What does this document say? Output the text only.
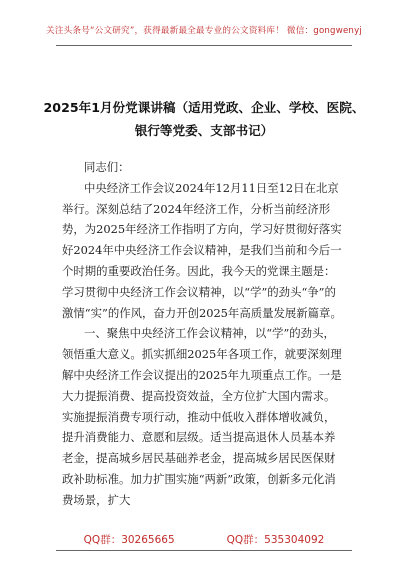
关注头条号“公文研究”，获得最新最全最专业的公文资料库！ 微信：gongwenyj
2025年1月份党课讲稿（适用党政、企业、学校、医院、
银行等党委、支部书记）

同志们：

中央经济工作会议2024年12月11日至12日在北京举行。深刻总结了2024年经济工作，分析当前经济形势，为2025年经济工作指明了方向，学习好贯彻好落实好2024年中央经济工作会议精神，是我们当前和今后一个时期的重要政治任务。因此，我今天的党课主题是：学习贯彻中央经济工作会议精神，以“学”的劲头“争”的激情“实”的作风，奋力开创2025年高质量发展新篇章。

一、聚焦中央经济工作会议精神，以“学”的劲头，领悟重大意义。抓实抓细2025年各项工作，就要深刻理解中央经济工作会议提出的2025年九项重点工作。一是大力提振消费、提高投资效益，全方位扩大国内需求。实施提振消费专项行动，推动中低收入群体增收减负，提升消费能力、意愿和层级。适当提高退休人员基本养老金，提高城乡居民基础养老金，提高城乡居民医保财政补助标准。加力扩围实施“两新”政策，创新多元化消费场景，扩大

QQ群：30265665	QQ群：535304092
